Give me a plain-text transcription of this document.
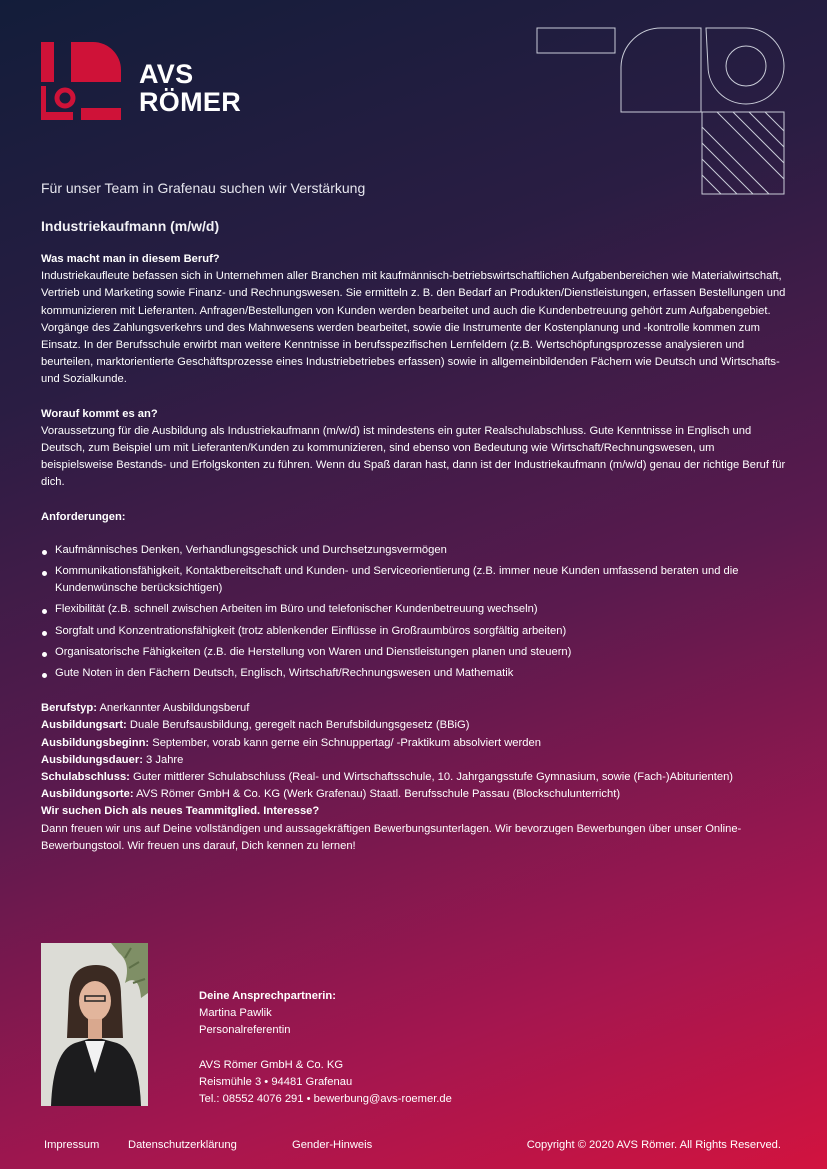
AVS
RÖMER
Für unser Team in Grafenau suchen wir Verstärkung
Industriekaufmann (m/w/d)

Was macht man in diesem Beruf?

Industriekaufleute befassen sich in Unternehmen aller Branchen mit kaufmännisch-betriebswirtschaftlichen Aufgabenbereichen wie Materialwirtschaft, Vertrieb und Marketing sowie Finanz- und Rechnungswesen. Sie ermitteln z. B. den Bedarf an Produkten/Dienstleistungen, erfassen Bestellungen und kommunizieren mit Lieferanten. Anfragen/Bestellungen von Kunden werden bearbeitet und auch die Kundenbetreuung gehört zum Aufgabengebiet. Vorgänge des Zahlungsverkehrs und des Mahnwesens werden bearbeitet, sowie die Instrumente der Kostenplanung und -kontrolle kommen zum Einsatz. In der Berufsschule erwirbt man weitere Kenntnisse in berufsspezifischen Lernfeldern (z.B. Wertschöpfungsprozesse analysieren und beurteilen, marktorientierte Geschäftsprozesse eines Industriebetriebes erfassen) sowie in allgemeinbildenden Fächern wie Deutsch und Wirtschafts- und Sozialkunde.

Worauf kommt es an?

Voraussetzung für die Ausbildung als Industriekaufmann (m/w/d) ist mindestens ein guter Realschulabschluss. Gute Kenntnisse in Englisch und Deutsch, zum Beispiel um mit Lieferanten/Kunden zu kommunizieren, sind ebenso von Bedeutung wie Wirtschaft/Rechnungswesen, um beispielsweise Bestands- und Erfolgskonten zu führen. Wenn du Spaß daran hast, dann ist der Industriekaufmann (m/w/d) genau der richtige Beruf für dich.

Anforderungen:

Kaufmännisches Denken, Verhandlungsgeschick und Durchsetzungsvermögen
Kommunikationsfähigkeit, Kontaktbereitschaft und Kunden- und Serviceorientierung (z.B. immer neue Kunden umfassend beraten und die Kundenwünsche berücksichtigen)
Flexibilität (z.B. schnell zwischen Arbeiten im Büro und telefonischer Kundenbetreuung wechseln)
Sorgfalt und Konzentrationsfähigkeit (trotz ablenkender Einflüsse in Großraumbüros sorgfältig arbeiten)
Organisatorische Fähigkeiten (z.B. die Herstellung von Waren und Dienstleistungen planen und steuern)
Gute Noten in den Fächern Deutsch, Englisch, Wirtschaft/Rechnungswesen und Mathematik
Berufstyp: Anerkannter Ausbildungsberuf
Ausbildungsart: Duale Berufsausbildung, geregelt nach Berufsbildungsgesetz (BBiG)
Ausbildungsbeginn: September, vorab kann gerne ein Schnuppertag/ -Praktikum absolviert werden
Ausbildungsdauer: 3 Jahre
Schulabschluss: Guter mittlerer Schulabschluss (Real- und Wirtschaftsschule, 10. Jahrgangsstufe Gymnasium, sowie (Fach-)Abiturienten)
Ausbildungsorte: AVS Römer GmbH & Co. KG (Werk Grafenau) Staatl. Berufsschule Passau (Blockschulunterricht)

Wir suchen Dich als neues Teammitglied. Interesse?

Dann freuen wir uns auf Deine vollständigen und aussagekräftigen Bewerbungsunterlagen. Wir bevorzugen Bewerbungen über unser Online-Bewerbungstool. Wir freuen uns darauf, Dich kennen zu lernen!

Deine Ansprechpartnerin:
Martina Pawlik
Personalreferentin
AVS Römer GmbH & Co. KG
Reismühle 3 • 94481 Grafenau
Tel.: 08552 4076 291 • bewerbung@avs-roemer.de
Impressum	Datenschutzerklärung	Gender-Hinweis	Copyright © 2020 AVS Römer. All Rights Reserved.
